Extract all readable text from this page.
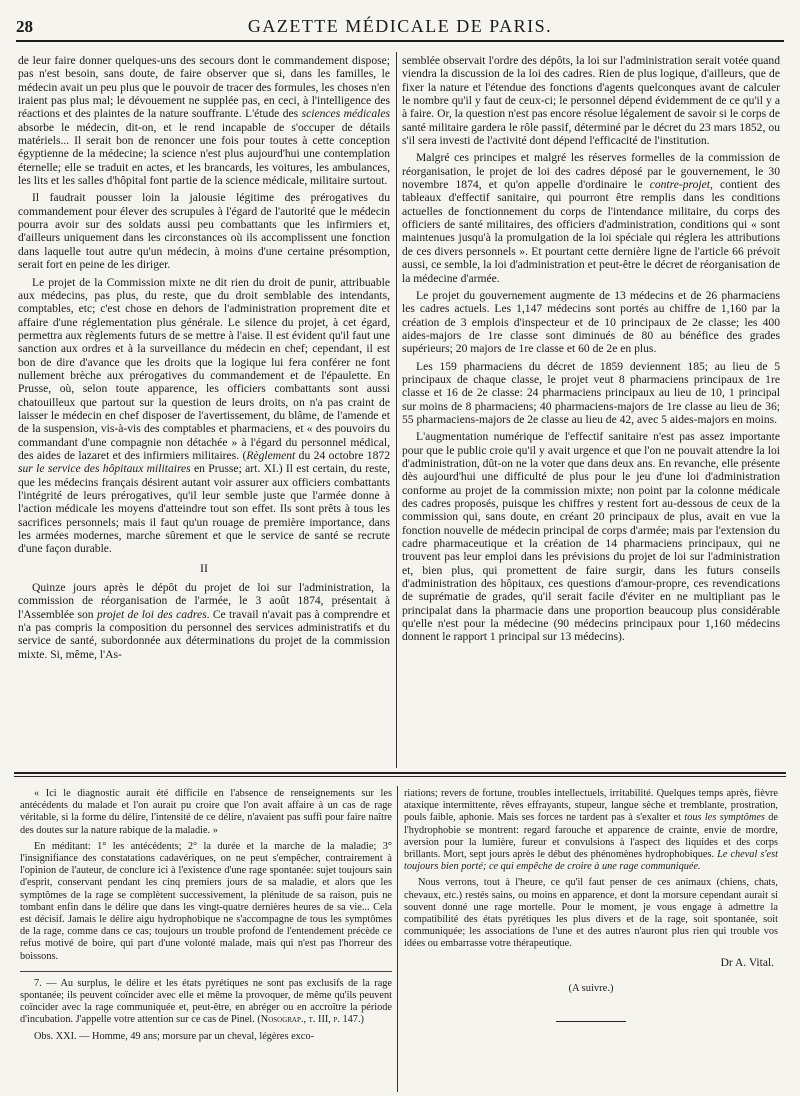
28	GAZETTE MÉDICALE DE PARIS.

de leur faire donner quelques-uns des secours dont le commandement dispose; pas n'est besoin, sans doute, de faire observer que si, dans les familles, le médecin avait un peu plus que le pouvoir de tracer des formules, les choses n'en iraient pas plus mal; le dévouement ne supplée pas, en ceci, à l'intelligence des réactions et des plaintes de la nature souffrante. L'étude des sciences médicales absorbe le médecin, dit-on, et le rend incapable de s'occuper de détails matériels... Il serait bon de renoncer une fois pour toutes à cette conception égyptienne de la médecine; la science n'est plus aujourd'hui une contemplation éternelle; elle se traduit en actes, et les brancards, les voitures, les ambulances, les lits et les salles d'hôpital font partie de la science médicale, militaire surtout.

Il faudrait pousser loin la jalousie légitime des prérogatives du commandement pour élever des scrupules à l'égard de l'autorité que le médecin pourra avoir sur des soldats aussi peu combattants que les infirmiers et, d'ailleurs uniquement dans les circonstances où ils accomplissent une fonction dans laquelle tout autre qu'un médecin, à moins d'une certaine présomption, serait fort en peine de les diriger.

Le projet de la Commission mixte ne dit rien du droit de punir, attribuable aux médecins, pas plus, du reste, que du droit semblable des intendants, comptables, etc; c'est chose en dehors de l'administration proprement dite et affaire d'une réglementation plus générale. Le silence du projet, à cet égard, permettra aux règlements futurs de se mettre à l'aise. Il est évident qu'il faut une sanction aux ordres et à la surveillance du médecin en chef; cependant, il est bon de dire d'avance que les droits que la logique lui fera conférer ne font nullement brèche aux prérogatives du commandement et de l'épaulette. En Prusse, où, selon toute apparence, les officiers combattants sont aussi chatouilleux que partout sur la question de leurs droits, on n'a pas craint de laisser le médecin en chef disposer de l'avertissement, du blâme, de l'amende et de la suspension, vis-à-vis des comptables et pharmaciens, et « des pouvoirs du commandant d'une compagnie non détachée » à l'égard du personnel médical, des aides de lazaret et des infirmiers militaires. (Règlement du 24 octobre 1872 sur le service des hôpitaux militaires en Prusse; art. XI.) Il est certain, du reste, que les médecins français désirent autant voir assurer aux officiers combattants l'intégrité de leurs prérogatives, qu'il leur semble juste que l'armée donne à l'action médicale les moyens d'atteindre tout son effet. Ils sont prêts à tous les sacrifices personnels; mais il faut qu'un rouage de première importance, dans les armées modernes, marche sûrement et que le service de santé se recrute d'une façon durable.

II

Quinze jours après le dépôt du projet de loi sur l'administration, la commission de réorganisation de l'armée, le 3 août 1874, présentait à l'Assemblée son projet de loi des cadres. Ce travail n'avait pas à comprendre et n'a pas compris la composition du personnel des services administratifs et du service de santé, subordonnée aux déterminations du projet de la commission mixte. Si, même, l'As-

semblée observait l'ordre des dépôts, la loi sur l'administration serait votée quand viendra la discussion de la loi des cadres. Rien de plus logique, d'ailleurs, que de fixer la nature et l'étendue des fonctions d'agents quelconques avant de calculer le nombre qu'il y faut de ceux-ci; le personnel dépend évidemment de ce qu'il y a à faire. Or, la question n'est pas encore résolue légalement de savoir si le corps de santé militaire gardera le rôle passif, déterminé par le décret du 23 mars 1852, ou s'il sera investi de l'activité dont dépend l'efficacité de l'institution.

Malgré ces principes et malgré les réserves formelles de la commission de réorganisation, le projet de loi des cadres déposé par le gouvernement, le 30 novembre 1874, et qu'on appelle d'ordinaire le contre-projet, contient des tableaux d'effectif sanitaire, qui pourront être remplis dans les conditions actuelles de fonctionnement du corps de l'intendance militaire, du corps des officiers de santé militaires, des officiers d'administration, conditions qui « sont maintenues jusqu'à la promulgation de la loi spéciale qui réglera les attributions de ces divers personnels ». Et pourtant cette dernière ligne de l'article 66 prévoit aussi, ce semble, la loi d'administration et peut-être le décret de réorganisation de la médecine d'armée.

Le projet du gouvernement augmente de 13 médecins et de 26 pharmaciens les cadres actuels. Les 1,147 médecins sont portés au chiffre de 1,160 par la création de 3 emplois d'inspecteur et de 10 principaux de 2e classe; les 400 aides-majors de 1re classe sont diminués de 80 au bénéfice des grades supérieurs; 20 majors de 1re classe et 60 de 2e en plus.

Les 159 pharmaciens du décret de 1859 deviennent 185; au lieu de 5 principaux de chaque classe, le projet veut 8 pharmaciens principaux de 1re classe et 16 de 2e classe: 24 pharmaciens principaux au lieu de 10, 1 principal sur moins de 8 pharmaciens; 40 pharmaciens-majors de 1re classe au lieu de 36; 55 pharmaciens-majors de 2e classe au lieu de 42, avec 5 aides-majors en moins.

L'augmentation numérique de l'effectif sanitaire n'est pas assez importante pour que le public croie qu'il y avait urgence et que l'on ne pouvait attendre la loi d'administration, dût-on ne la voter que dans deux ans. En revanche, elle présente dès aujourd'hui une difficulté de plus pour le jeu d'une loi d'administration conforme au projet de la commission mixte; non point par la colonne médicale des cadres proposés, puisque les chiffres y restent fort au-dessous de ceux de la commission qui, sans doute, en créant 20 principaux de plus, avait en vue la fonction nouvelle de médecin principal de corps d'armée; mais par l'extension du cadre pharmaceutique et la création de 14 pharmaciens principaux, qui ne trouvent pas leur emploi dans les prévisions du projet de loi sur l'administration et, bien plus, qui promettent de faire surgir, dans les futurs conseils d'administration des hôpitaux, ces questions d'amour-propre, ces revendications de suprématie de grades, qu'il serait facile d'éviter en ne multipliant pas le principalat dans la pharmacie dans une proportion beaucoup plus considérable qu'elle n'est pour la médecine (90 médecins principaux pour 1,160 médecins donnent le rapport 1 principal sur 13 médecins).

« Ici le diagnostic aurait été difficile en l'absence de renseignements sur les antécédents du malade et l'on aurait pu croire que l'on avait affaire à un cas de rage véritable, si la forme du délire, l'intensité de ce délire, n'avaient pas suffi pour faire naître des doutes sur la nature rabique de la maladie. »

En méditant: 1° les antécédents; 2° la durée et la marche de la maladie; 3° l'insignifiance des constatations cadavériques, on ne peut s'empêcher, contrairement à l'opinion de l'auteur, de conclure ici à l'existence d'une rage spontanée: sujet toujours sain d'esprit, conservant pendant les cinq premiers jours de sa maladie, et alors que les symptômes de la rage se complètent successivement, la plénitude de sa raison, puis ne tombant enfin dans le délire que dans les vingt-quatre dernières heures de sa vie... Cela est décisif. Jamais le délire aigu hydrophobique ne s'accompagne de tous les symptômes de la rage, comme dans ce cas; toujours un trouble profond de l'entendement précède ce refus motivé de boire, qui part d'une volonté malade, mais qui n'est pas l'horreur des boissons.

7. — Au surplus, le délire et les états pyrétiques ne sont pas exclusifs de la rage spontanée; ils peuvent coïncider avec elle et même la provoquer, de même qu'ils peuvent coïncider avec la rage communiquée et, peut-être, en abréger ou en accroître la période d'incubation. J'appelle votre attention sur ce cas de Pinel. (Nosograp., t. III, p. 147.)

Obs. XXI. — Homme, 49 ans; morsure par un cheval, légères exco-

riations; revers de fortune, troubles intellectuels, irritabilité. Quelques temps après, fièvre ataxique intermittente, rêves effrayants, stupeur, langue sèche et tremblante, prostration, pouls faible, aphonie. Mais ses forces ne tardent pas à s'exalter et tous les symptômes de l'hydrophobie se montrent: regard farouche et apparence de crainte, envie de mordre, aversion pour la lumière, fureur et convulsions à l'aspect des liquides et des corps brillants. Mort, sept jours après le début des phénomènes hydrophobiques. Le cheval s'est toujours bien porté; ce qui empêche de croire à une rage communiquée.

Nous verrons, tout à l'heure, ce qu'il faut penser de ces animaux (chiens, chats, chevaux, etc.) restés sains, ou moins en apparence, et dont la morsure cependant aurait si souvent donné une rage mortelle. Pour le moment, je vous engage à admettre la compatibilité des états pyrétiques les plus divers et de la rage, soit spontanée, soit communiquée; les associations de l'une et des autres n'auront plus rien qui trouble vos idées ou embarrasse votre thérapeutique.

Dr A. Vital.
(A suivre.)
